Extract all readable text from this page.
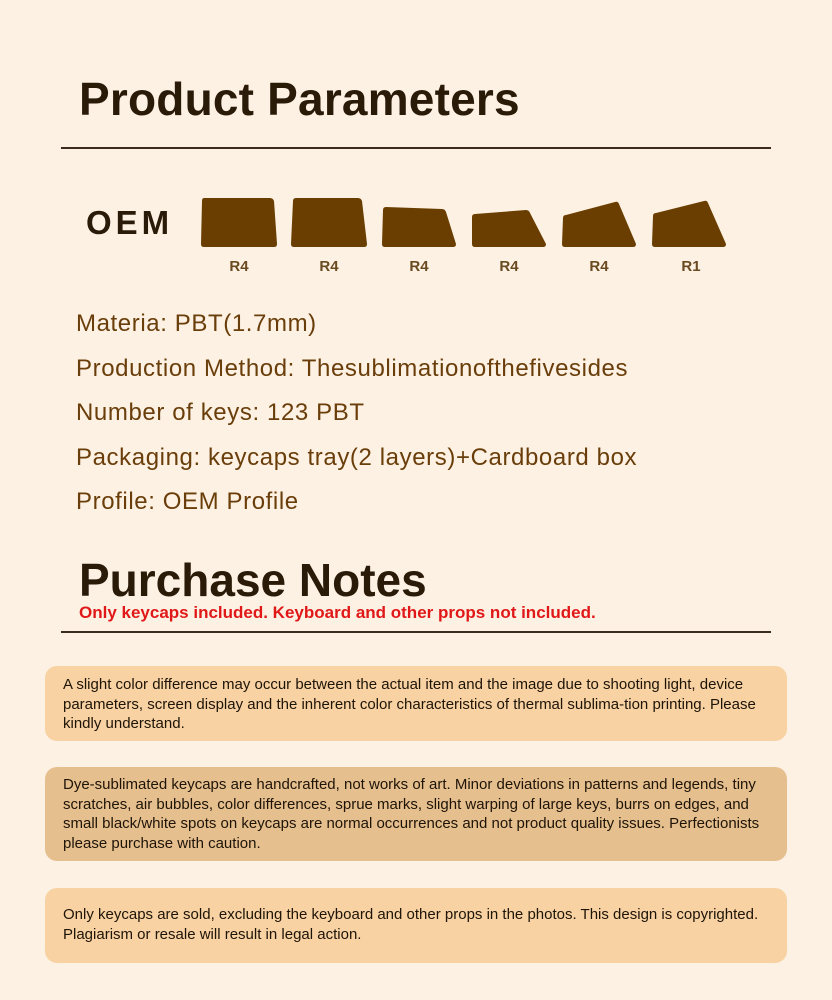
Product Parameters
OEM
R4	R4	R4	R4	R4	R1
Materia: PBT(1.7mm)
Production Method: Thesublimationofthefivesides
Number of keys: 123 PBT
Packaging: keycaps tray(2 layers)+Cardboard box
Profile: OEM Profile
Purchase Notes
Only keycaps included. Keyboard and other props not included.
A slight color difference may occur between the actual item and the image due to shooting light, device parameters, screen display and the inherent color characteristics of thermal sublima-tion printing. Please kindly understand.
Dye-sublimated keycaps are handcrafted, not works of art. Minor deviations in patterns and legends, tiny scratches, air bubbles, color differences, sprue marks, slight warping of large keys, burrs on edges, and small black/white spots on keycaps are normal occurrences and not product quality issues. Perfectionists please purchase with caution.
Only keycaps are sold, excluding the keyboard and other props in the photos. This design is copyrighted. Plagiarism or resale will result in legal action.
